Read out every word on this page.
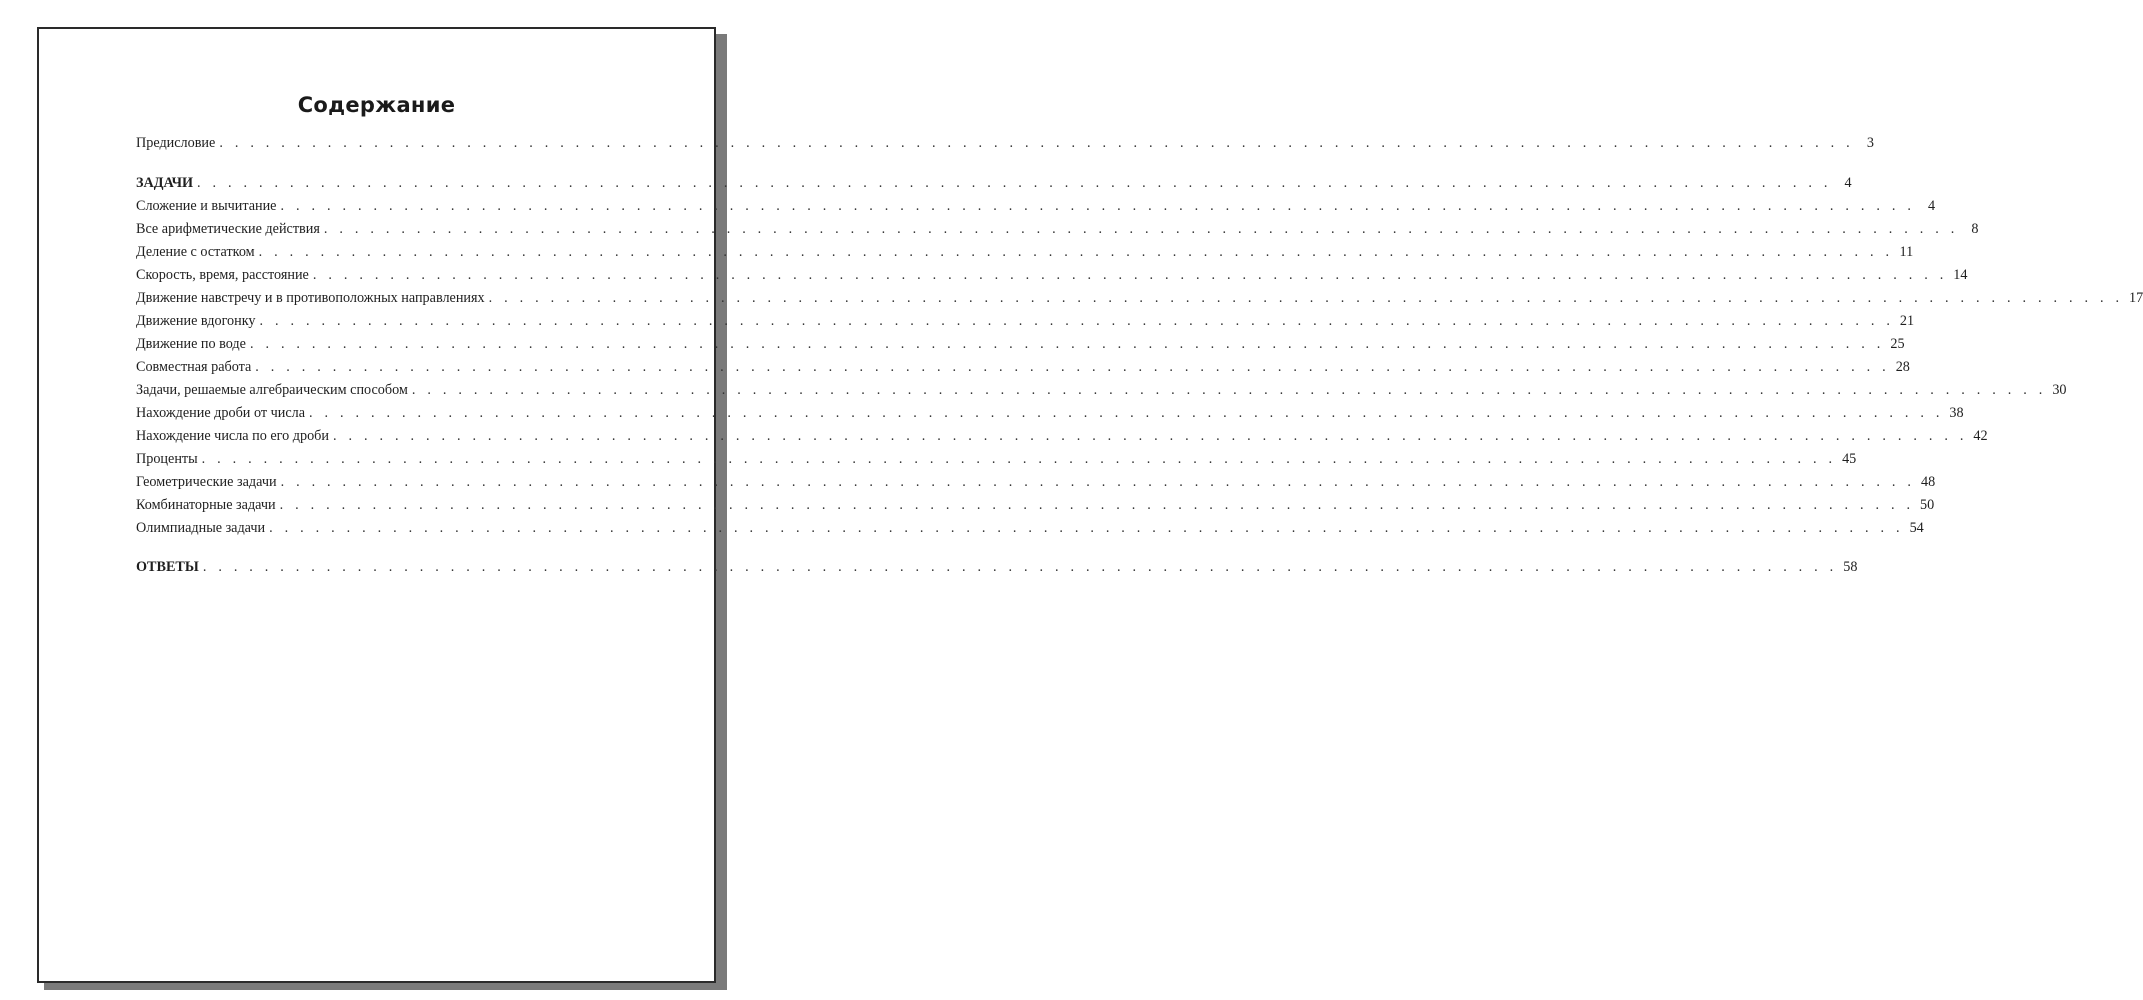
Содержание
Предисловие . . . . . . . . . . . . . . . . . . . . . . . . . . . . . . . . . . . . . . . . . . . . . . . . . . . . . . . . . . . . . . . . . . . . . . . . . . . . . . . . . . . . . . . . . . . . . . . . . . . . . . . . . . 3
ЗАДАЧИ . . . . . . . . . . . . . . . . . . . . . . . . . . . . . . . . . . . . . . . . . . . . . . . . . . . . . . . . . . . . . . . . . . . . . . . . . . . . . . . . . . . . . . . . . . . . . . . . . . . . . . . . . . 4
Сложение и вычитание . . . . . . . . . . . . . . . . . . . . . . . . . . . . . . . . . . . . . . . . . . . . . . . . . . . . . . . . . . . . . . . . . . . . . . . . . . . . . . . . . . . . . . . . . . . . . . . . . . . . . . . . . . 4
Все арифметические действия . . . . . . . . . . . . . . . . . . . . . . . . . . . . . . . . . . . . . . . . . . . . . . . . . . . . . . . . . . . . . . . . . . . . . . . . . . . . . . . . . . . . . . . . . . . . . . . . . . . . . . . . . . 8
Деление с остатком . . . . . . . . . . . . . . . . . . . . . . . . . . . . . . . . . . . . . . . . . . . . . . . . . . . . . . . . . . . . . . . . . . . . . . . . . . . . . . . . . . . . . . . . . . . . . . . . . . . . . . . . . . 11
Скорость, время, расстояние . . . . . . . . . . . . . . . . . . . . . . . . . . . . . . . . . . . . . . . . . . . . . . . . . . . . . . . . . . . . . . . . . . . . . . . . . . . . . . . . . . . . . . . . . . . . . . . . . . . . . . . . . . 14
Движение навстречу и в противоположных направлениях . . . . . . . . . . . . . . . . . . . . . . . . . . . . . . . . . . . . . . . . . . . . . . . . . . . . . . . . . . . . . . . . . . . . . . . . . . . . . . . . . . . . . . . . . . . . . . . . . . . . . . . . . . 17
Движение вдогонку . . . . . . . . . . . . . . . . . . . . . . . . . . . . . . . . . . . . . . . . . . . . . . . . . . . . . . . . . . . . . . . . . . . . . . . . . . . . . . . . . . . . . . . . . . . . . . . . . . . . . . . . . . 21
Движение по воде . . . . . . . . . . . . . . . . . . . . . . . . . . . . . . . . . . . . . . . . . . . . . . . . . . . . . . . . . . . . . . . . . . . . . . . . . . . . . . . . . . . . . . . . . . . . . . . . . . . . . . . . . . 25
Совместная работа . . . . . . . . . . . . . . . . . . . . . . . . . . . . . . . . . . . . . . . . . . . . . . . . . . . . . . . . . . . . . . . . . . . . . . . . . . . . . . . . . . . . . . . . . . . . . . . . . . . . . . . . . . 28
Задачи, решаемые алгебраическим способом . . . . . . . . . . . . . . . . . . . . . . . . . . . . . . . . . . . . . . . . . . . . . . . . . . . . . . . . . . . . . . . . . . . . . . . . . . . . . . . . . . . . . . . . . . . . . . . . . . . . . . . . . . 30
Нахождение дроби от числа . . . . . . . . . . . . . . . . . . . . . . . . . . . . . . . . . . . . . . . . . . . . . . . . . . . . . . . . . . . . . . . . . . . . . . . . . . . . . . . . . . . . . . . . . . . . . . . . . . . . . . . . . . 38
Нахождение числа по его дроби . . . . . . . . . . . . . . . . . . . . . . . . . . . . . . . . . . . . . . . . . . . . . . . . . . . . . . . . . . . . . . . . . . . . . . . . . . . . . . . . . . . . . . . . . . . . . . . . . . . . . . . . . . 42
Проценты . . . . . . . . . . . . . . . . . . . . . . . . . . . . . . . . . . . . . . . . . . . . . . . . . . . . . . . . . . . . . . . . . . . . . . . . . . . . . . . . . . . . . . . . . . . . . . . . . . . . . . . . . . 45
Геометрические задачи . . . . . . . . . . . . . . . . . . . . . . . . . . . . . . . . . . . . . . . . . . . . . . . . . . . . . . . . . . . . . . . . . . . . . . . . . . . . . . . . . . . . . . . . . . . . . . . . . . . . . . . . . . 48
Комбинаторные задачи . . . . . . . . . . . . . . . . . . . . . . . . . . . . . . . . . . . . . . . . . . . . . . . . . . . . . . . . . . . . . . . . . . . . . . . . . . . . . . . . . . . . . . . . . . . . . . . . . . . . . . . . . . 50
Олимпиадные задачи . . . . . . . . . . . . . . . . . . . . . . . . . . . . . . . . . . . . . . . . . . . . . . . . . . . . . . . . . . . . . . . . . . . . . . . . . . . . . . . . . . . . . . . . . . . . . . . . . . . . . . . . . . 54
ОТВЕТЫ . . . . . . . . . . . . . . . . . . . . . . . . . . . . . . . . . . . . . . . . . . . . . . . . . . . . . . . . . . . . . . . . . . . . . . . . . . . . . . . . . . . . . . . . . . . . . . . . . . . . . . . . . . 58
